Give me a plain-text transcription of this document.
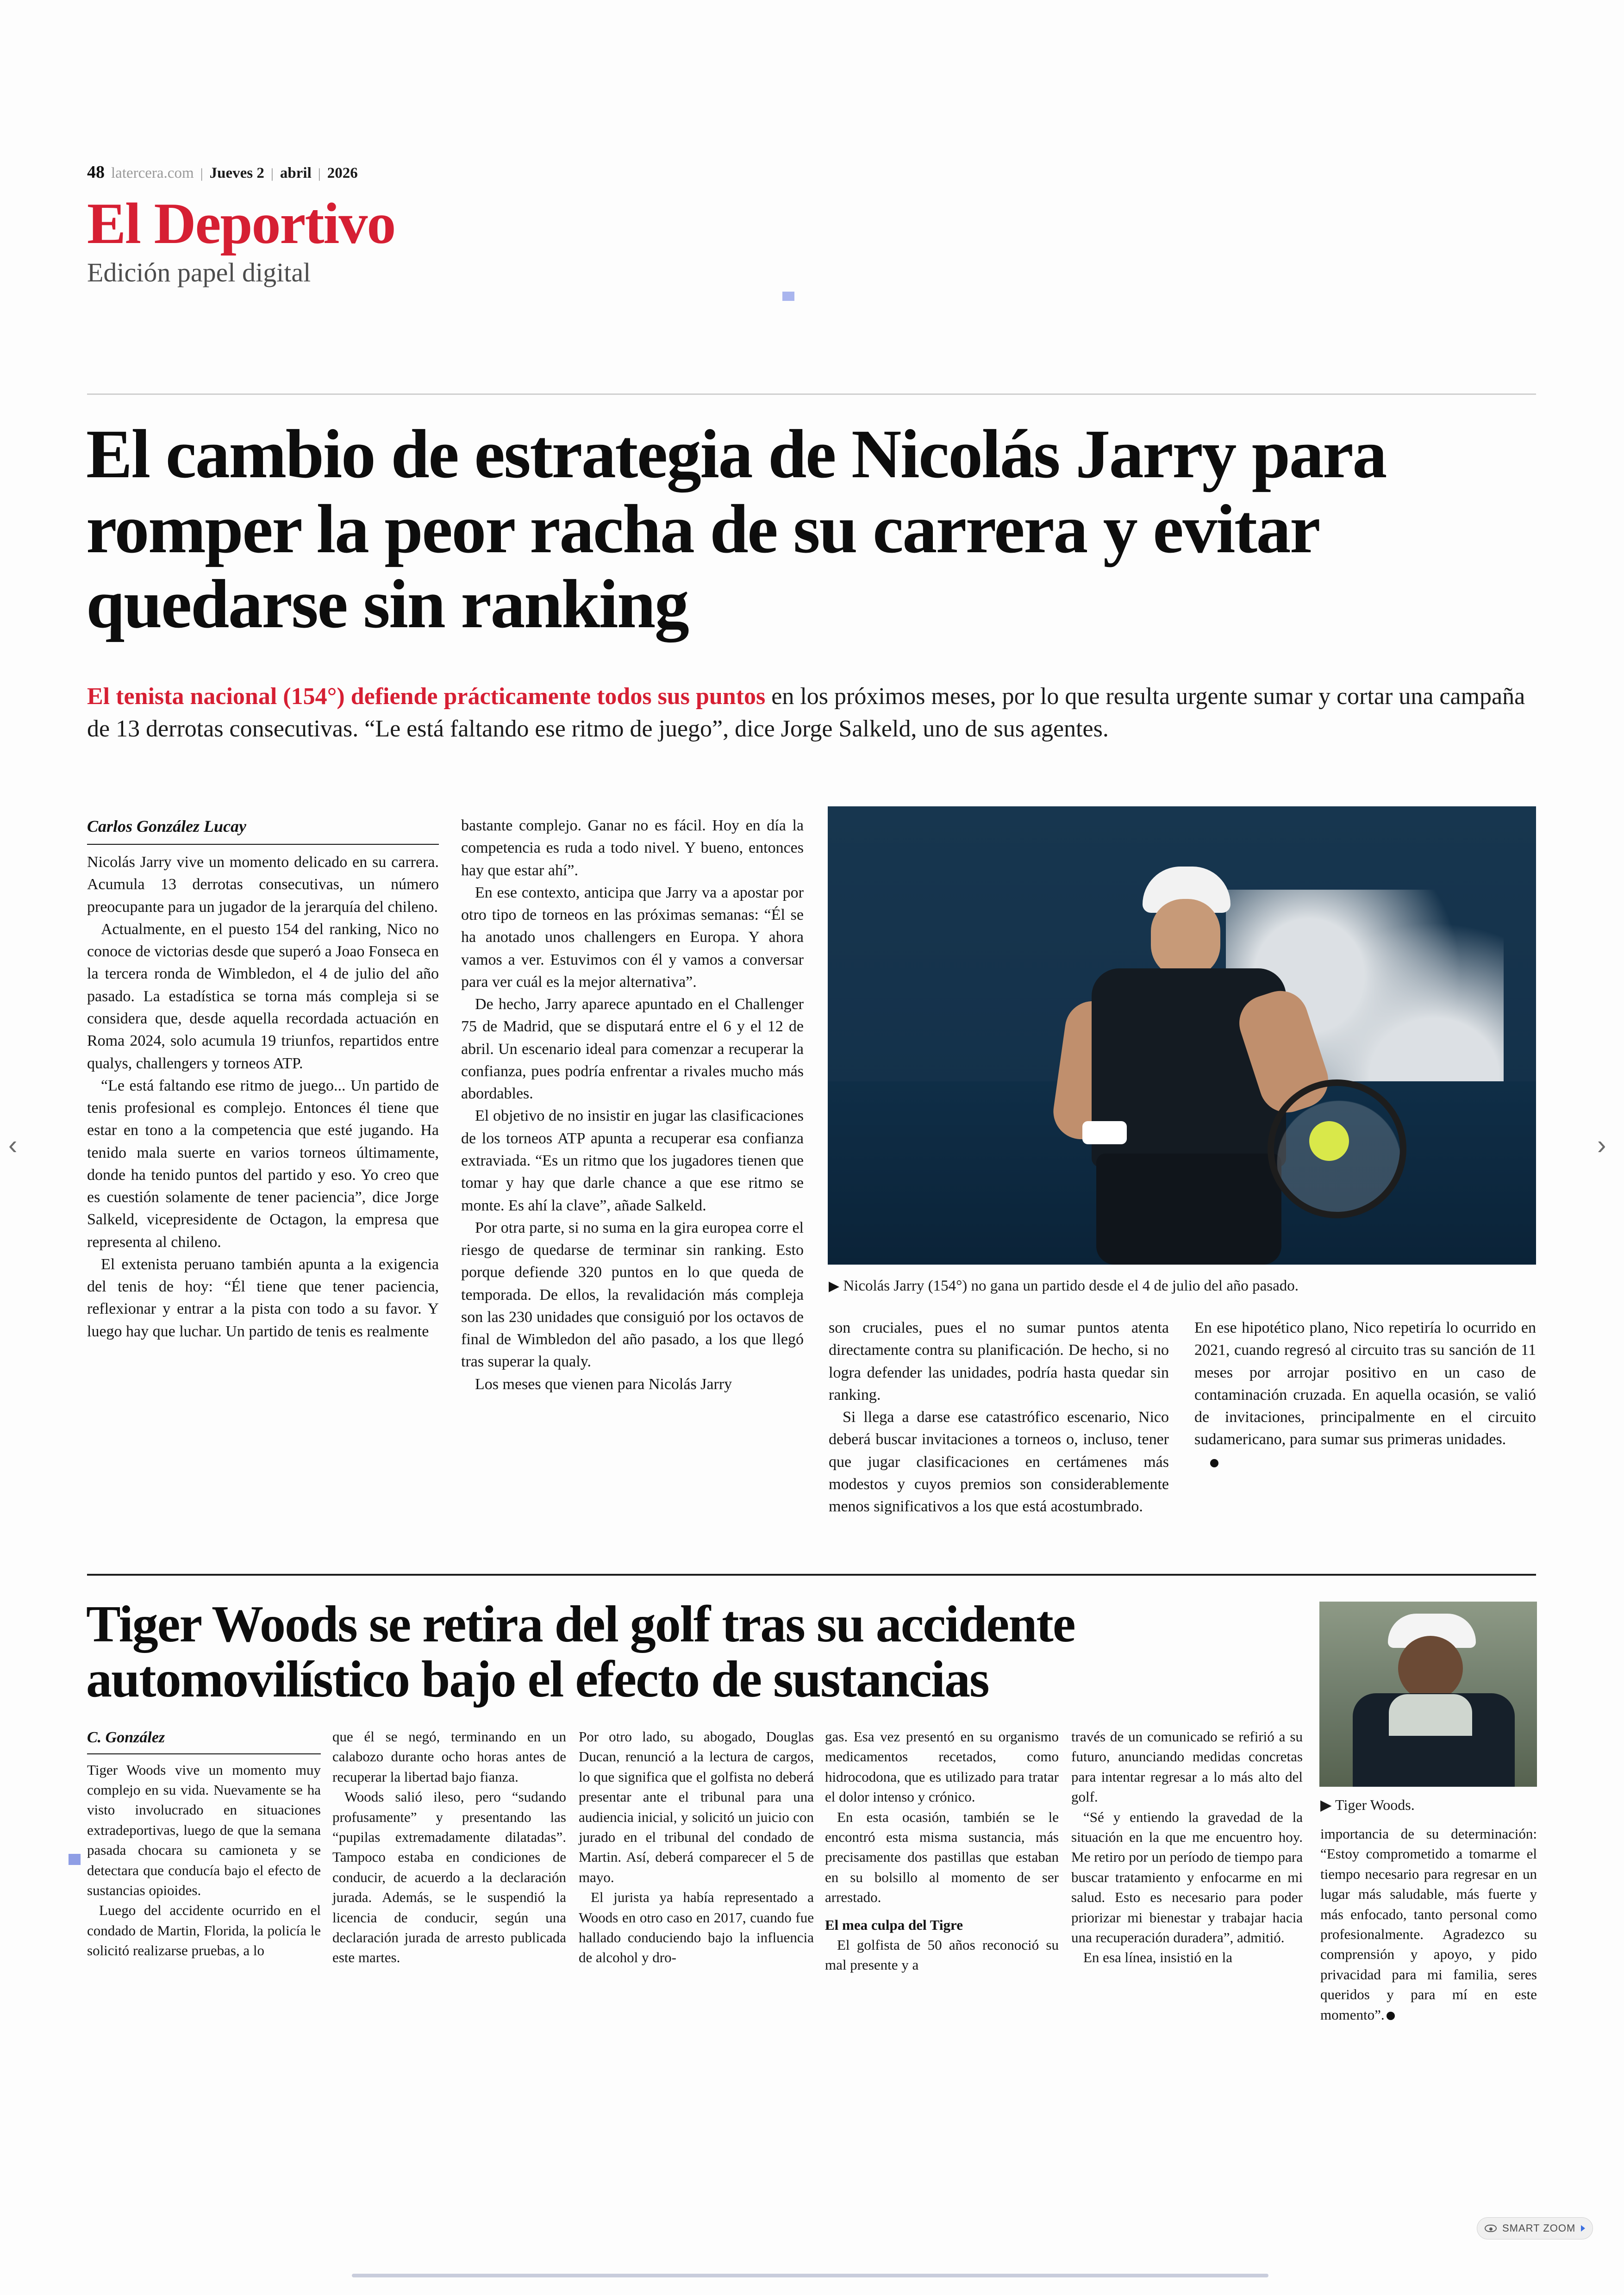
48 latercera.com | Jueves 2 | abril | 2026
El Deportivo
Edición papel digital
El cambio de estrategia de Nicolás Jarry para romper la peor racha de su carrera y evitar quedarse sin ranking
El tenista nacional (154°) defiende prácticamente todos sus puntos en los próximos meses, por lo que resulta urgente sumar y cortar una campaña de 13 derrotas consecutivas. “Le está faltando ese ritmo de juego”, dice Jorge Salkeld, uno de sus agentes.
Carlos González Lucay

Nicolás Jarry vive un momento delicado en su carrera. Acumula 13 derrotas consecutivas, un número preocupante para un jugador de la jerarquía del chileno.

Actualmente, en el puesto 154 del ranking, Nico no conoce de victorias desde que superó a Joao Fonseca en la tercera ronda de Wimbledon, el 4 de julio del año pasado. La estadística se torna más compleja si se considera que, desde aquella recordada actuación en Roma 2024, solo acumula 19 triunfos, repartidos entre qualys, challengers y torneos ATP.

“Le está faltando ese ritmo de juego... Un partido de tenis profesional es complejo. Entonces él tiene que estar en tono a la competencia que esté jugando. Ha tenido mala suerte en varios torneos últimamente, donde ha tenido puntos del partido y eso. Yo creo que es cuestión solamente de tener paciencia”, dice Jorge Salkeld, vicepresidente de Octagon, la empresa que representa al chileno.

El extenista peruano también apunta a la exigencia del tenis de hoy: “Él tiene que tener paciencia, reflexionar y entrar a la pista con todo a su favor. Y luego hay que luchar. Un partido de tenis es realmente

bastante complejo. Ganar no es fácil. Hoy en día la competencia es ruda a todo nivel. Y bueno, entonces hay que estar ahí”.

En ese contexto, anticipa que Jarry va a apostar por otro tipo de torneos en las próximas semanas: “Él se ha anotado unos challengers en Europa. Y ahora vamos a ver. Estuvimos con él y vamos a conversar para ver cuál es la mejor alternativa”.

De hecho, Jarry aparece apuntado en el Challenger 75 de Madrid, que se disputará entre el 6 y el 12 de abril. Un escenario ideal para comenzar a recuperar la confianza, pues podría enfrentar a rivales mucho más abordables.

El objetivo de no insistir en jugar las clasificaciones de los torneos ATP apunta a recuperar esa confianza extraviada. “Es un ritmo que los jugadores tienen que tomar y hay que darle chance a que ese ritmo se monte. Es ahí la clave”, añade Salkeld.

Por otra parte, si no suma en la gira europea corre el riesgo de quedarse de terminar sin ranking. Esto porque defiende 320 puntos en lo que queda de temporada. De ellos, la revalidación más compleja son las 230 unidades que consiguió por los octavos de final de Wimbledon del año pasado, a los que llegó tras superar la qualy.

Los meses que vienen para Nicolás Jarry

▶ Nicolás Jarry (154°) no gana un partido desde el 4 de julio del año pasado.

son cruciales, pues el no sumar puntos atenta directamente contra su planificación. De hecho, si no logra defender las unidades, podría hasta quedar sin ranking.

Si llega a darse ese catastrófico escenario, Nico deberá buscar invitaciones a torneos o, incluso, tener que jugar clasificaciones en certámenes más modestos y cuyos premios son considerablemente menos significativos a los que está acostumbrado.

En ese hipotético plano, Nico repetiría lo ocurrido en 2021, cuando regresó al circuito tras su sanción de 11 meses por arrojar positivo en un caso de contaminación cruzada. En aquella ocasión, se valió de invitaciones, principalmente en el circuito sudamericano, para sumar sus primeras unidades.

Tiger Woods se retira del golf tras su accidente automovilístico bajo el efecto de sustancias
▶ Tiger Woods.
C. González

Tiger Woods vive un momento muy complejo en su vida. Nuevamente se ha visto involucrado en situaciones extradeportivas, luego de que la semana pasada chocara su camioneta y se detectara que conducía bajo el efecto de sustancias opioides.

Luego del accidente ocurrido en el condado de Martin, Florida, la policía le solicitó realizarse pruebas, a lo

que él se negó, terminando en un calabozo durante ocho horas antes de recuperar la libertad bajo fianza.

Woods salió ileso, pero “sudando profusamente” y presentando las “pupilas extremadamente dilatadas”. Tampoco estaba en condiciones de conducir, de acuerdo a la declaración jurada. Además, se le suspendió la licencia de conducir, según una declaración jurada de arresto publicada este martes.

Por otro lado, su abogado, Douglas Ducan, renunció a la lectura de cargos, lo que significa que el golfista no deberá presentar ante el tribunal para una audiencia inicial, y solicitó un juicio con jurado en el tribunal del condado de Martin. Así, deberá comparecer el 5 de mayo.

El jurista ya había representado a Woods en otro caso en 2017, cuando fue hallado conduciendo bajo la influencia de alcohol y dro-

gas. Esa vez presentó en su organismo medicamentos recetados, como hidrocodona, que es utilizado para tratar el dolor intenso y crónico.

En esta ocasión, también se le encontró esta misma sustancia, más precisamente dos pastillas que estaban en su bolsillo al momento de ser arrestado.

El mea culpa del Tigre

El golfista de 50 años reconoció su mal presente y a

través de un comunicado se refirió a su futuro, anunciando medidas concretas para intentar regresar a lo más alto del golf.

“Sé y entiendo la gravedad de la situación en la que me encuentro hoy. Me retiro por un período de tiempo para buscar tratamiento y enfocarme en mi salud. Esto es necesario para poder priorizar mi bienestar y trabajar hacia una recuperación duradera”, admitió.

En esa línea, insistió en la

importancia de su determinación: “Estoy comprometido a tomarme el tiempo necesario para regresar en un lugar más saludable, más fuerte y más enfocado, tanto personal como profesionalmente. Agradezco su comprensión y apoyo, y pido privacidad para mi familia, seres queridos y para mí en este momento”.

‹	›
SMART ZOOM
